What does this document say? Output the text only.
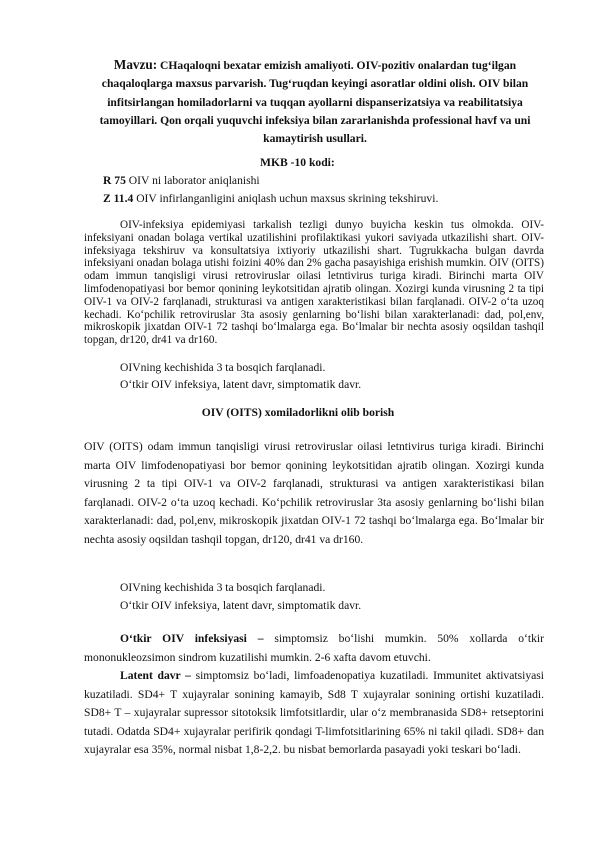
Mavzu: CHaqaloqni bexatar emizish amaliyoti. OIV-pozitiv onalardan tug‘ilgan chaqaloqlarga maxsus parvarish. Tug‘ruqdan keyingi asoratlar oldini olish. OIV bilan infitsirlangan homiladorlarni va tuqqan ayollarni dispanserizatsiya va reabilitatsiya tamoyillari. Qon orqali yuquvchi infeksiya bilan zararlanishda professional havf va uni kamaytirish usullari.
MKB -10 kodi:
R 75 OIV ni laborator aniqlanishi
Z 11.4 OIV infirlanganligini aniqlash uchun maxsus skrining tekshiruvi.
OIV-infeksiya epidemiyasi tarkalish tezligi dunyo buyicha keskin tus olmokda. OIV- infeksiyani onadan bolaga vertikal uzatilishini profilaktikasi yukori saviyada utkazilishi shart. OIV-infeksiyaga tekshiruv va konsultatsiya ixtiyoriy utkazilishi shart. Tugrukkacha bulgan davrda infeksiyani onadan bolaga utishi foizini 40% dan 2% gacha pasayishiga erishish mumkin. OIV (OITS) odam immun tanqisligi virusi retroviruslar oilasi letntivirus turiga kiradi. Birinchi marta OIV limfodenopatiyasi bor bemor qonining leykotsitidan ajratib olingan. Xozirgi kunda virusning 2 ta tipi OIV-1 va OIV-2 farqlanadi, strukturasi va antigen xarakteristikasi bilan farqlanadi. OIV-2 o‘ta uzoq kechadi. Ko‘pchilik retroviruslar 3ta asosiy genlarning bo‘lishi bilan xarakterlanadi: dad, pol,env, mikroskopik jixatdan OIV-1 72 tashqi bo‘lmalarga ega. Bo‘lmalar bir nechta asosiy oqsildan tashqil topgan, dr120, dr41 va dr160.
OIVning kechishida 3 ta bosqich farqlanadi.
O‘tkir OIV infeksiya, latent davr, simptomatik davr.
OIV (OITS) xomiladorlikni olib borish
OIV (OITS) odam immun tanqisligi virusi retroviruslar oilasi letntivirus turiga kiradi. Birinchi marta OIV limfodenopatiyasi bor bemor qonining leykotsitidan ajratib olingan. Xozirgi kunda virusning 2 ta tipi OIV-1 va OIV-2 farqlanadi, strukturasi va antigen xarakteristikasi bilan farqlanadi. OIV-2 o‘ta uzoq kechadi. Ko‘pchilik retroviruslar 3ta asosiy genlarning bo‘lishi bilan xarakterlanadi: dad, pol,env, mikroskopik jixatdan OIV-1 72 tashqi bo‘lmalarga ega. Bo‘lmalar bir nechta asosiy oqsildan tashqil topgan, dr120, dr41 va dr160.
OIVning kechishida 3 ta bosqich farqlanadi.
O‘tkir OIV infeksiya, latent davr, simptomatik davr.
O‘tkir OIV infeksiyasi – simptomsiz bo‘lishi mumkin. 50% xollarda o‘tkir mononukleozsimon sindrom kuzatilishi mumkin. 2-6 xafta davom etuvchi.
Latent davr – simptomsiz bo‘ladi, limfoadenopatiya kuzatiladi. Immunitet aktivatsiyasi kuzatiladi. SD4+ T xujayralar sonining kamayib, Sd8 T xujayralar sonining ortishi kuzatiladi. SD8+ T – xujayralar supressor sitotoksik limfotsitlardir, ular o‘z membranasida SD8+ retseptorini tutadi. Odatda SD4+ xujayralar perifirik qondagi T-limfotsitlarining 65% ni takil qiladi. SD8+ dan xujayralar esa 35%, normal nisbat 1,8-2,2. bu nisbat bemorlarda pasayadi yoki teskari bo‘ladi.
